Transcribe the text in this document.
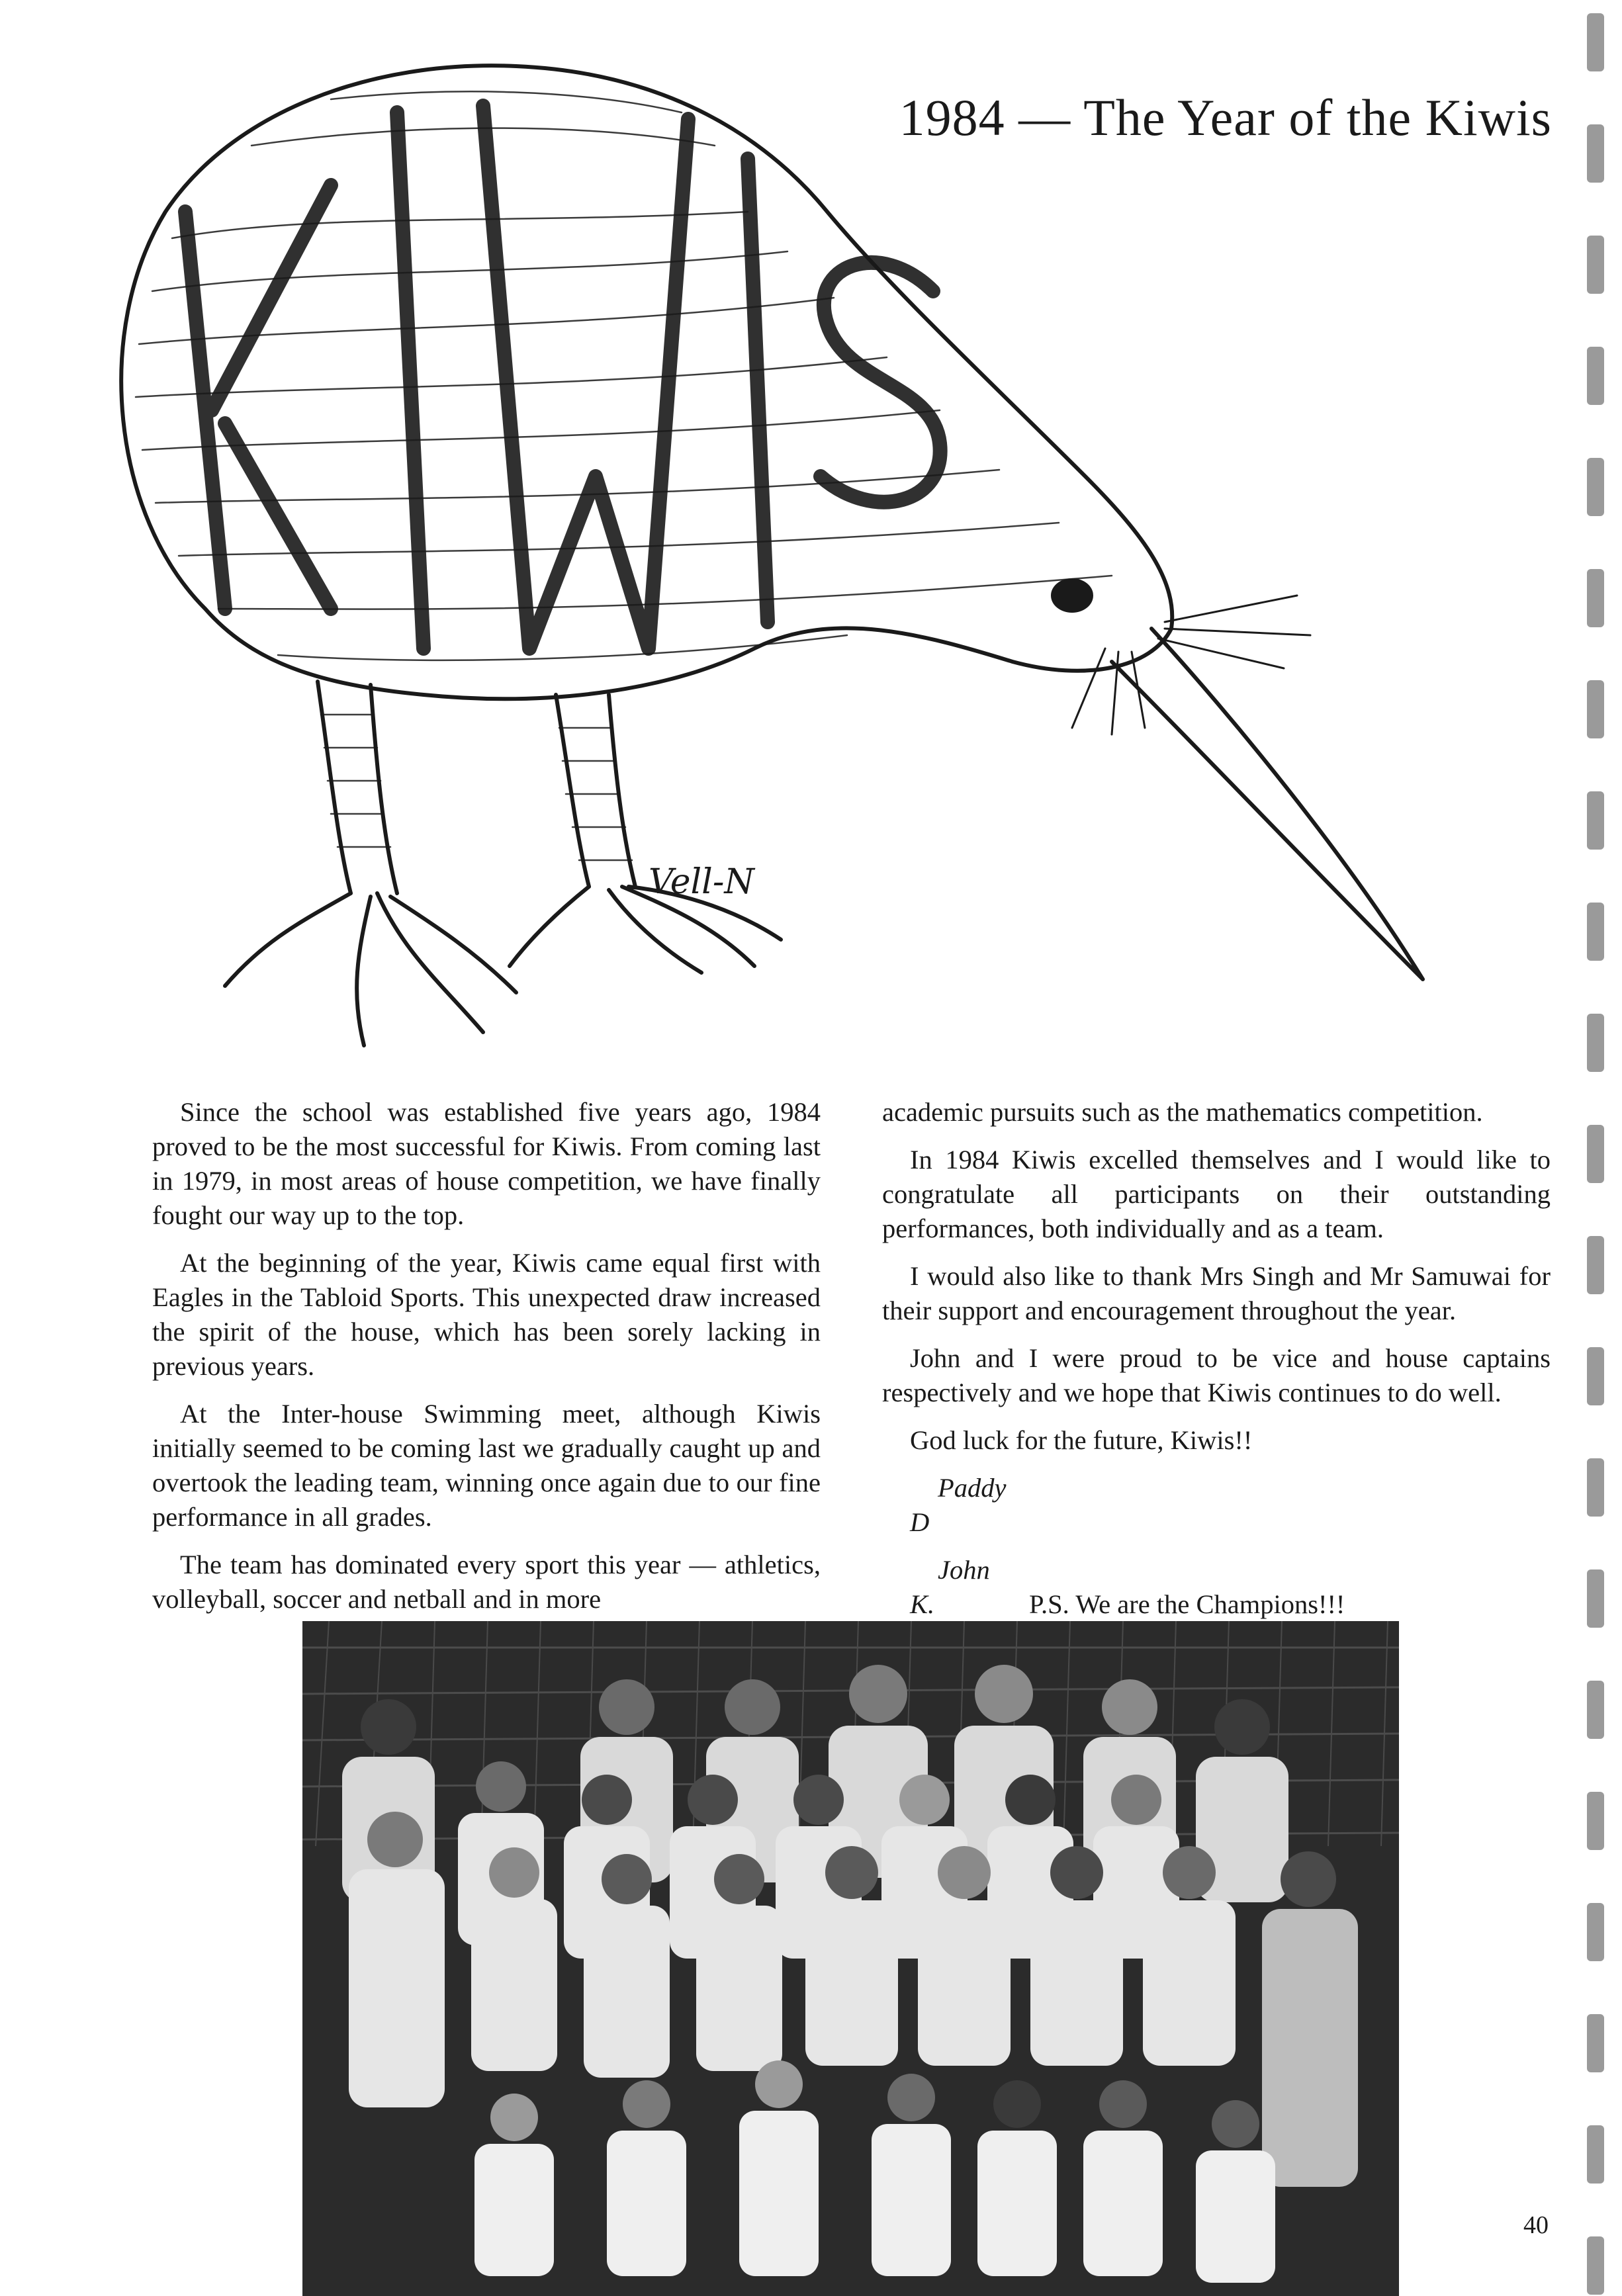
Vell-N
1984 — The Year of the Kiwis

Since the school was established five years ago, 1984 proved to be the most successful for Kiwis. From coming last in 1979, in most areas of house competition, we have finally fought our way up to the top.

At the beginning of the year, Kiwis came equal first with Eagles in the Tabloid Sports. This unexpected draw increased the spirit of the house, which has been sorely lacking in previous years.

At the Inter-house Swimming meet, although Kiwis initially seemed to be coming last we gradually caught up and overtook the leading team, winning once again due to our fine performance in all grades.

The team has dominated every sport this year — athletics, volleyball, soccer and netball and in more

academic pursuits such as the mathematics competition.

In 1984 Kiwis excelled themselves and I would like to congratulate all participants on their outstanding performances, both individually and as a team.

I would also like to thank Mrs Singh and Mr Samuwai for their support and encouragement throughout the year.

John and I were proud to be vice and house captains respectively and we hope that Kiwis continues to do well.

God luck for the future, Kiwis!!

Paddy D

John K.	P.S. We are the Champions!!!

40
